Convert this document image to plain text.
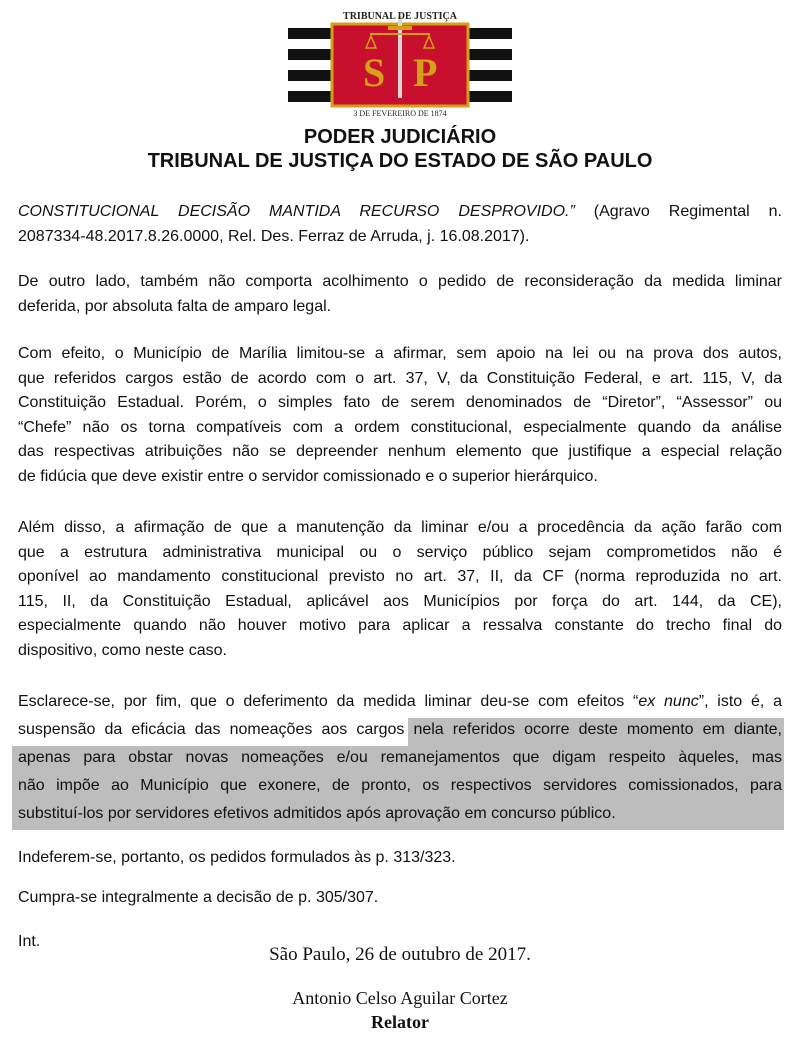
S P
TRIBUNAL DE JUSTIÇA
3 DE FEVEREIRO DE 1874
PODER JUDICIÁRIO
TRIBUNAL DE JUSTIÇA DO ESTADO DE SÃO PAULO
CONSTITUCIONAL DECISÃO MANTIDA RECURSO DESPROVIDO.” (Agravo Regimental n.
2087334-48.2017.8.26.0000, Rel. Des. Ferraz de Arruda, j. 16.08.2017).
De outro lado, também não comporta acolhimento o pedido de reconsideração da medida liminar
deferida, por absoluta falta de amparo legal.
Com efeito, o Município de Marília limitou-se a afirmar, sem apoio na lei ou na prova dos autos,
que referidos cargos estão de acordo com o art. 37, V, da Constituição Federal, e art. 115, V, da
Constituição Estadual. Porém, o simples fato de serem denominados de “Diretor”, “Assessor” ou
“Chefe” não os torna compatíveis com a ordem constitucional, especialmente quando da análise
das respectivas atribuições não se depreender nenhum elemento que justifique a especial relação
de fidúcia que deve existir entre o servidor comissionado e o superior hierárquico.
Além disso, a afirmação de que a manutenção da liminar e/ou a procedência da ação farão com
que a estrutura administrativa municipal ou o serviço público sejam comprometidos não é
oponível ao mandamento constitucional previsto no art. 37, II, da CF (norma reproduzida no art.
115, II, da Constituição Estadual, aplicável aos Municípios por força do art. 144, da CE),
especialmente quando não houver motivo para aplicar a ressalva constante do trecho final do
dispositivo, como neste caso.
Esclarece-se, por fim, que o deferimento da medida liminar deu-se com efeitos “ex nunc”, isto é, a
suspensão da eficácia das nomeações aos cargos nela referidos ocorre deste momento em diante,
apenas para obstar novas nomeações e/ou remanejamentos que digam respeito àqueles, mas
não impõe ao Município que exonere, de pronto, os respectivos servidores comissionados, para
substituí-los por servidores efetivos admitidos após aprovação em concurso público.
Indeferem-se, portanto, os pedidos formulados às p. 313/323.
Cumpra-se integralmente a decisão de p. 305/307.
Int.
São Paulo, 26 de outubro de 2017.
Antonio Celso Aguilar Cortez
Relator
